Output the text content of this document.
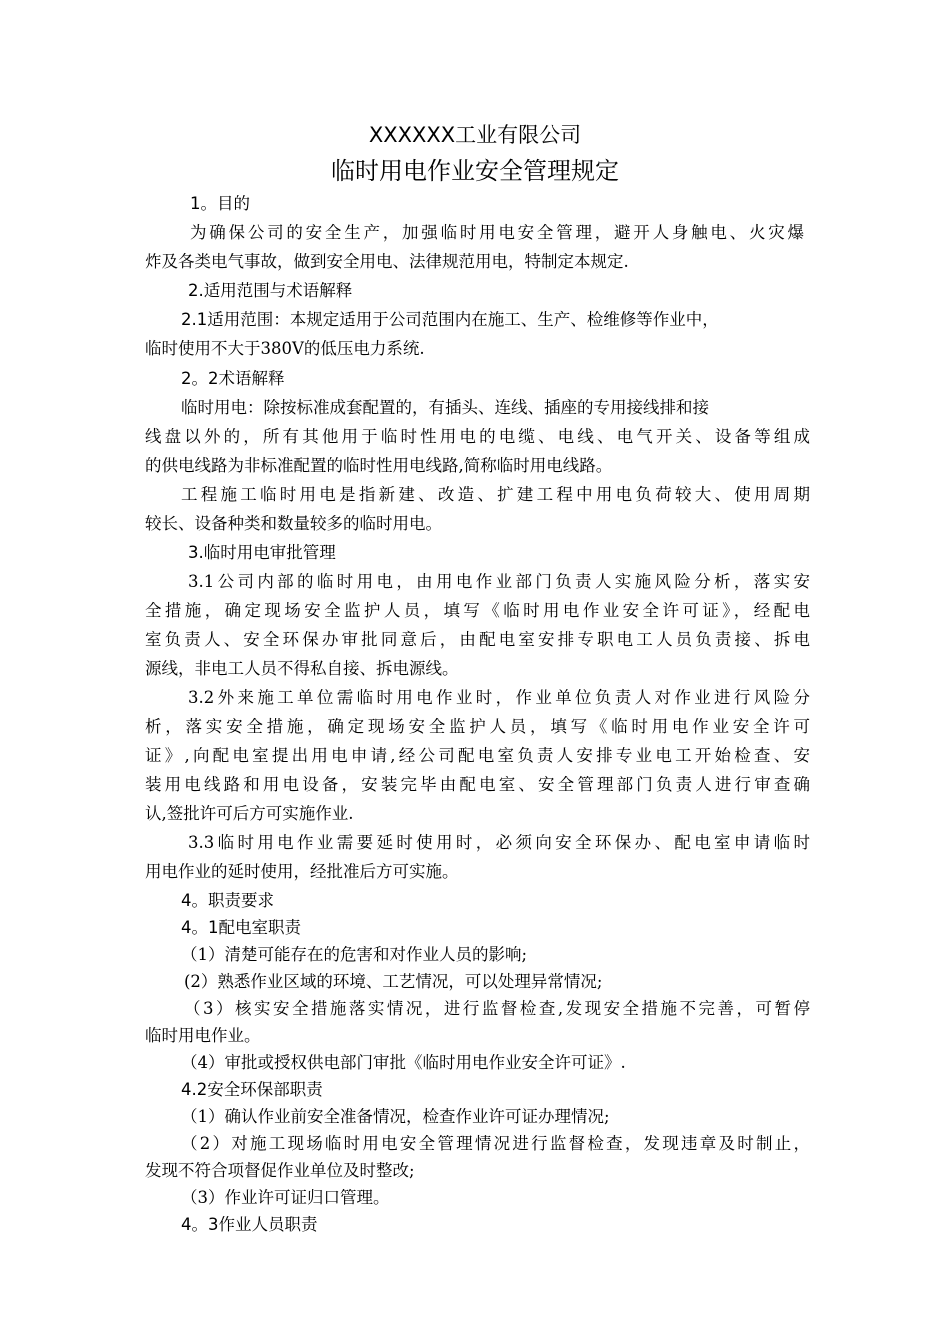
XXXXXX工业有限公司
临时用电作业安全管理规定
1。目的
为确保公司的安全生产，加强临时用电安全管理，避开人身触电、火灾爆
炸及各类电气事故，做到安全用电、法律规范用电，特制定本规定.
2.适用范围与术语解释
2.1适用范围：本规定适用于公司范围内在施工、生产、检维修等作业中，
临时使用不大于380V的低压电力系统.
2。2术语解释
临时用电：除按标准成套配置的，有插头、连线、插座的专用接线排和接
线盘以外的，所有其他用于临时性用电的电缆、电线、电气开关、设备等组成
的供电线路为非标准配置的临时性用电线路,简称临时用电线路。
工程施工临时用电是指新建、改造、扩建工程中用电负荷较大、使用周期
较长、设备种类和数量较多的临时用电。
3.临时用电审批管理
3.1公司内部的临时用电，由用电作业部门负责人实施风险分析，落实安
全措施，确定现场安全监护人员，填写《临时用电作业安全许可证》，经配电
室负责人、安全环保办审批同意后，由配电室安排专职电工人员负责接、拆电
源线，非电工人员不得私自接、拆电源线。
3.2外来施工单位需临时用电作业时，作业单位负责人对作业进行风险分
析，落实安全措施，确定现场安全监护人员，填写《临时用电作业安全许可
证》,向配电室提出用电申请,经公司配电室负责人安排专业电工开始检查、安
装用电线路和用电设备，安装完毕由配电室、安全管理部门负责人进行审查确
认,签批许可后方可实施作业.
3.3临时用电作业需要延时使用时，必须向安全环保办、配电室申请临时
用电作业的延时使用，经批准后方可实施。
4。职责要求
4。1配电室职责
（1）清楚可能存在的危害和对作业人员的影响;
(2）熟悉作业区域的环境、工艺情况，可以处理异常情况;
（3）核实安全措施落实情况，进行监督检查,发现安全措施不完善，可暂停
临时用电作业。
（4）审批或授权供电部门审批《临时用电作业安全许可证》.
4.2安全环保部职责
（1）确认作业前安全准备情况，检查作业许可证办理情况;
（2）对施工现场临时用电安全管理情况进行监督检查，发现违章及时制止，
发现不符合项督促作业单位及时整改;
（3）作业许可证归口管理。
4。3作业人员职责
